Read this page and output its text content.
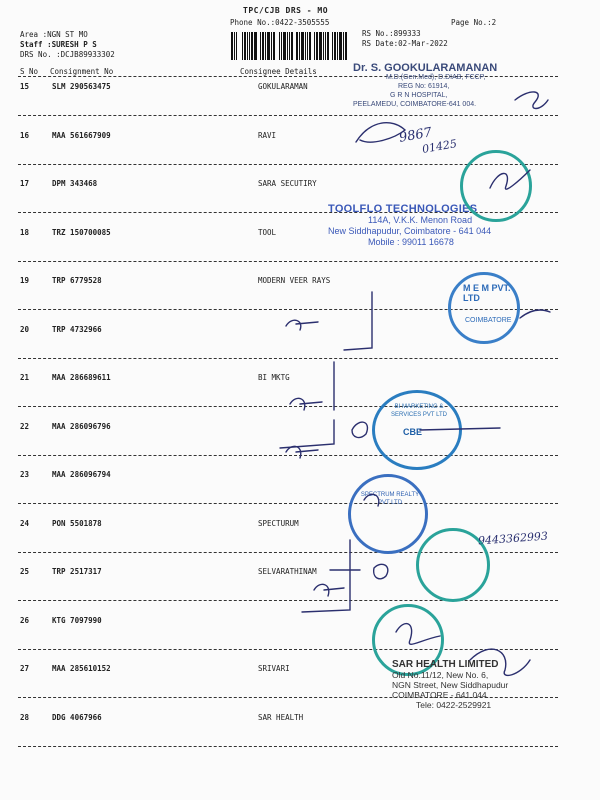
TPC/CJB DRS - MO
Phone No.:0422-3505555
Area :NGN ST MO
Staff :SURESH P S
DRS No. :DCJB89933302
RS No.:899333
RS Date:02-Mar-2022
Page No.:2
S No Consignment No	Consignee Details
15	SLM 290563475	GOKULARAMAN
16	MAA 561667909	RAVI
17	DPM 343468	SARA SECUTIRY
18	TRZ 150700085	TOOL
19	TRP 6779528	MODERN VEER RAYS
20	TRP 4732966
21	MAA 286689611	BI MKTG
22	MAA 286096796
23	MAA 286096794
24	PON 5501878	SPECTURUM
25	TRP 2517317	SELVARATHINAM
26	KTG 7097990
27	MAA 285610152	SRIVARI
28	DDG 4067966	SAR HEALTH
Dr. S. GOOKULARAMANAN
M.D.(Gen.Med), D.DIAB, FCCP,
REG No: 61914,
G R N HOSPITAL,
PEELAMEDU, COIMBATORE-641 004.
TOOLFLO TECHNOLOGIES
114A, V.K.K. Menon Road
New Siddhapudur, Coimbatore - 641 044
Mobile : 99011 16678
M E M PVT. LTD
COIMBATORE
BI MARKETING & SERVICES PVT LTD
CBE
SPECTRUM REALTY PVT LTD
SAR HEALTH LIMITED
Old No.11/12, New No. 6,
NGN Street, New Siddhapudur
COIMBATORE - 641 044.
Tele: 0422-2529921
9867
01425
9443362993
